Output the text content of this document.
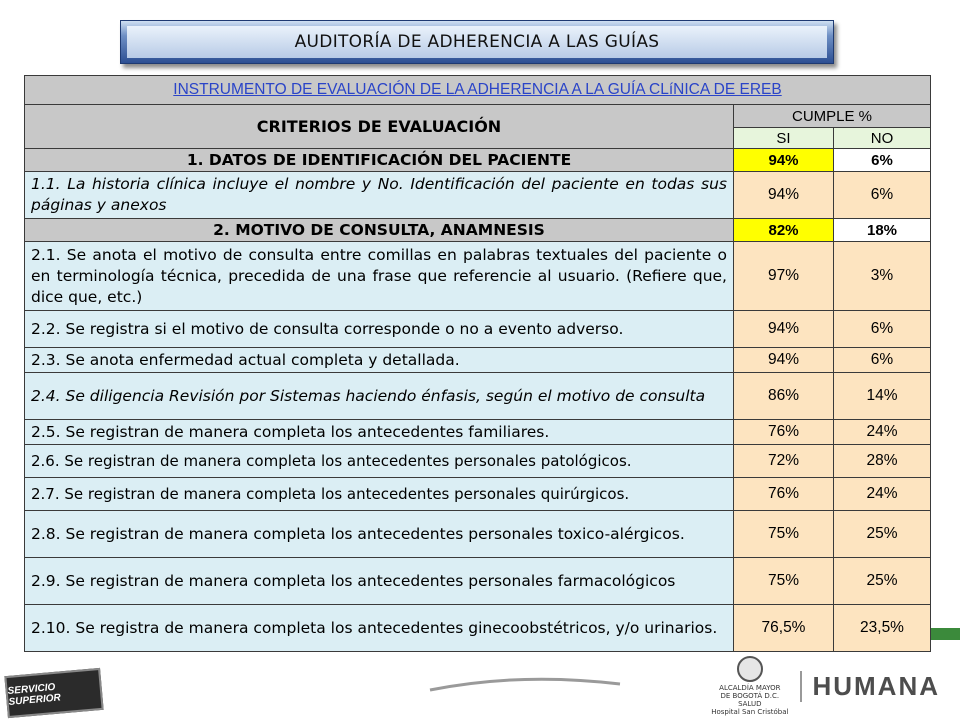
AUDITORÍA DE ADHERENCIA A LAS GUÍAS
INSTRUMENTO DE EVALUACIÓN DE LA ADHERENCIA A LA GUÍA CLíNICA DE EREB		
CRITERIOS DE EVALUACIÓN	CUMPLE %	
	SI	NO
1. DATOS DE IDENTIFICACIÓN DEL PACIENTE	94%	6%
1.1. La historia clínica incluye el nombre y No. Identificación del paciente en todas sus páginas y anexos	94%	6%
2. MOTIVO DE CONSULTA, ANAMNESIS	82%	18%
2.1. Se anota el motivo de consulta entre comillas en palabras textuales del paciente o en terminología técnica, precedida de una frase que referencie al usuario. (Refiere que, dice que, etc.)	97%	3%
2.2. Se registra si el motivo de consulta corresponde o no a evento adverso.	94%	6%
2.3. Se anota enfermedad actual completa y detallada.	94%	6%
2.4. Se diligencia Revisión por Sistemas haciendo énfasis, según el motivo de consulta	86%	14%
2.5. Se registran de manera completa los antecedentes familiares.	76%	24%
2.6. Se registran de manera completa los antecedentes personales patológicos.	72%	28%
2.7. Se registran de manera completa los antecedentes personales quirúrgicos.	76%	24%
2.8. Se registran de manera completa los antecedentes personales toxico-alérgicos.	75%	25%
2.9. Se registran de manera completa los antecedentes personales farmacológicos	75%	25%
2.10. Se registra de manera completa los antecedentes ginecoobstétricos, y/o urinarios.	76,5%	23,5%
SERVICIO SUPERIOR
ALCALDÍA MAYOR
DE BOGOTÁ D.C.
SALUD
Hospital San Cristóbal
HUMANA
